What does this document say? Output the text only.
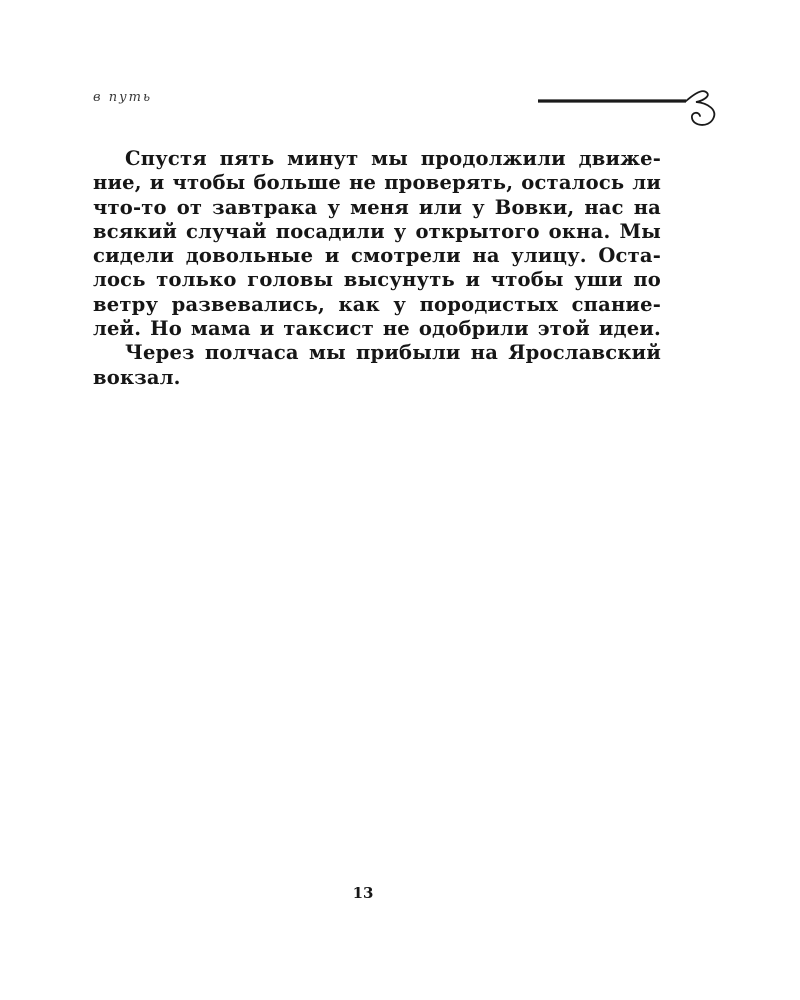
в путь
Спустя пять минут мы продолжили движе-
ние, и чтобы больше не проверять, осталось ли
что-то от завтрака у меня или у Вовки, нас на
всякий случай посадили у открытого окна. Мы
сидели довольные и смотрели на улицу. Оста-
лось только головы высунуть и чтобы уши по
ветру развевались, как у породистых спание-
лей. Но мама и таксист не одобрили этой идеи.
Через полчаса мы прибыли на Ярославский
вокзал.
13
